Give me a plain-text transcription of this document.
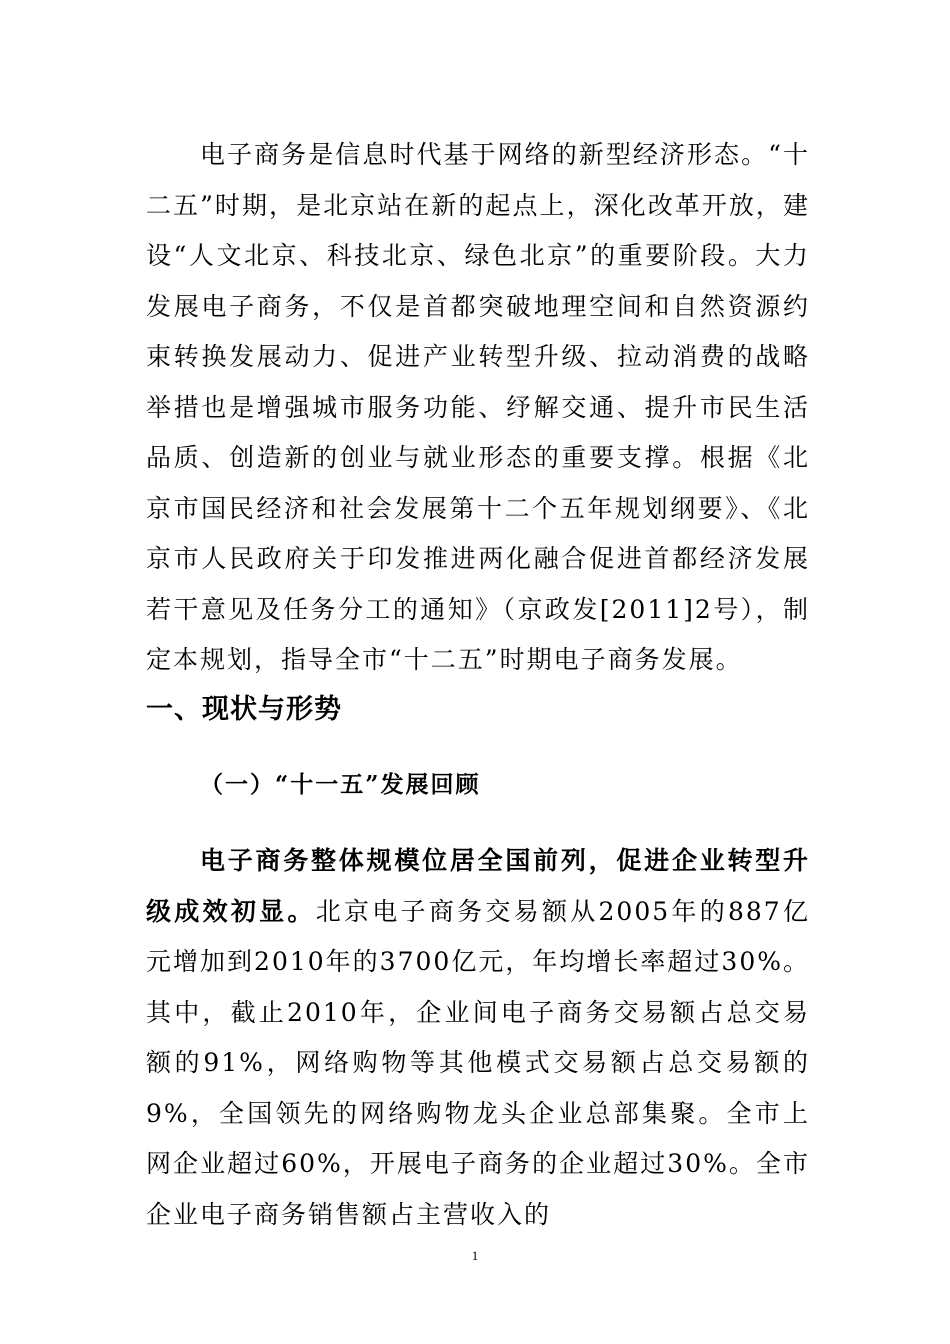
电子商务是信息时代基于网络的新型经济形态。“十二五”时期，是北京站在新的起点上，深化改革开放，建设“人文北京、科技北京、绿色北京”的重要阶段。大力发展电子商务，不仅是首都突破地理空间和自然资源约束转换发展动力、促进产业转型升级、拉动消费的战略举措也是增强城市服务功能、纾解交通、提升市民生活品质、创造新的创业与就业形态的重要支撑。根据《北京市国民经济和社会发展第十二个五年规划纲要》、《北京市人民政府关于印发推进两化融合促进首都经济发展若干意见及任务分工的通知》（京政发[2011]2号），制定本规划，指导全市“十二五”时期电子商务发展。

一、现状与形势
（一）“十一五”发展回顾

电子商务整体规模位居全国前列，促进企业转型升级成效初显。北京电子商务交易额从2005年的887亿元增加到2010年的3700亿元，年均增长率超过30%。其中，截止2010年，企业间电子商务交易额占总交易额的91%，网络购物等其他模式交易额占总交易额的9%，全国领先的网络购物龙头企业总部集聚。全市上网企业超过60%，开展电子商务的企业超过30%。全市企业电子商务销售额占主营收入的

1
